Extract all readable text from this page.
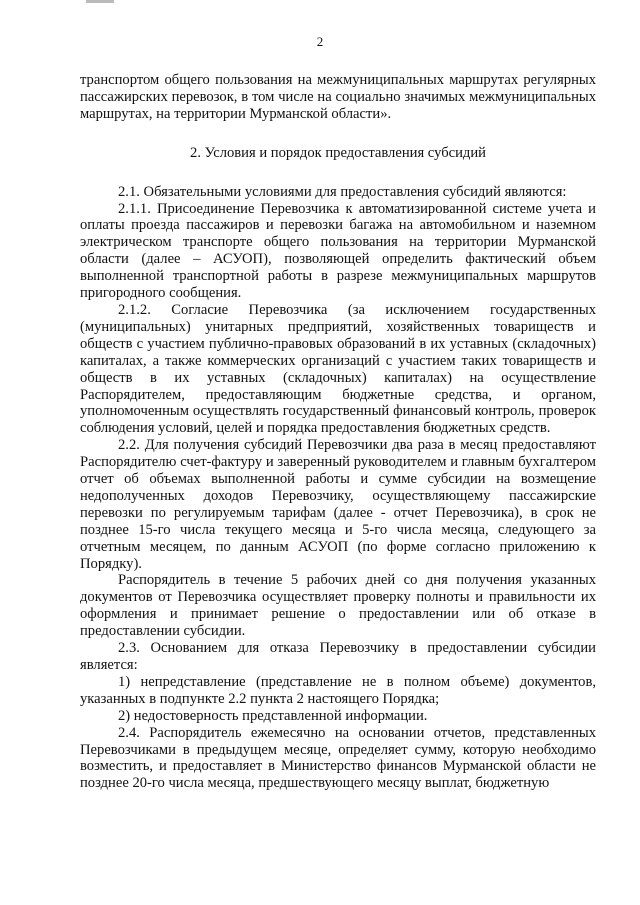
2

транспортом общего пользования на межмуниципальных маршрутах регулярных пассажирских перевозок, в том числе на социально значимых межмуниципальных маршрутах, на территории Мурманской области».

2. Условия и порядок предоставления субсидий

2.1. Обязательными условиями для предоставления субсидий являются:

2.1.1. Присоединение Перевозчика к автоматизированной системе учета и оплаты проезда пассажиров и перевозки багажа на автомобильном и наземном электрическом транспорте общего пользования на территории Мурманской области (далее – АСУОП), позволяющей определить фактический объем выполненной транспортной работы в разрезе межмуниципальных маршрутов пригородного сообщения.

2.1.2. Согласие Перевозчика (за исключением государственных (муниципальных) унитарных предприятий, хозяйственных товариществ и обществ с участием публично-правовых образований в их уставных (складочных) капиталах, а также коммерческих организаций с участием таких товариществ и обществ в их уставных (складочных) капиталах) на осуществление Распорядителем, предоставляющим бюджетные средства, и органом, уполномоченным осуществлять государственный финансовый контроль, проверок соблюдения условий, целей и порядка предоставления бюджетных средств.

2.2. Для получения субсидий Перевозчики два раза в месяц предоставляют Распорядителю счет-фактуру и заверенный руководителем и главным бухгалтером отчет об объемах выполненной работы и сумме субсидии на возмещение недополученных доходов Перевозчику, осуществляющему пассажирские перевозки по регулируемым тарифам (далее - отчет Перевозчика), в срок не позднее 15-го числа текущего месяца и 5-го числа месяца, следующего за отчетным месяцем, по данным АСУОП (по форме согласно приложению к Порядку).

Распорядитель в течение 5 рабочих дней со дня получения указанных документов от Перевозчика осуществляет проверку полноты и правильности их оформления и принимает решение о предоставлении или об отказе в предоставлении субсидии.

2.3. Основанием для отказа Перевозчику в предоставлении субсидии является:

1) непредставление (представление не в полном объеме) документов, указанных в подпункте 2.2 пункта 2 настоящего Порядка;

2) недостоверность представленной информации.

2.4. Распорядитель ежемесячно на основании отчетов, представленных Перевозчиками в предыдущем месяце, определяет сумму, которую необходимо возместить, и предоставляет в Министерство финансов Мурманской области не позднее 20-го числа месяца, предшествующего месяцу выплат, бюджетную
